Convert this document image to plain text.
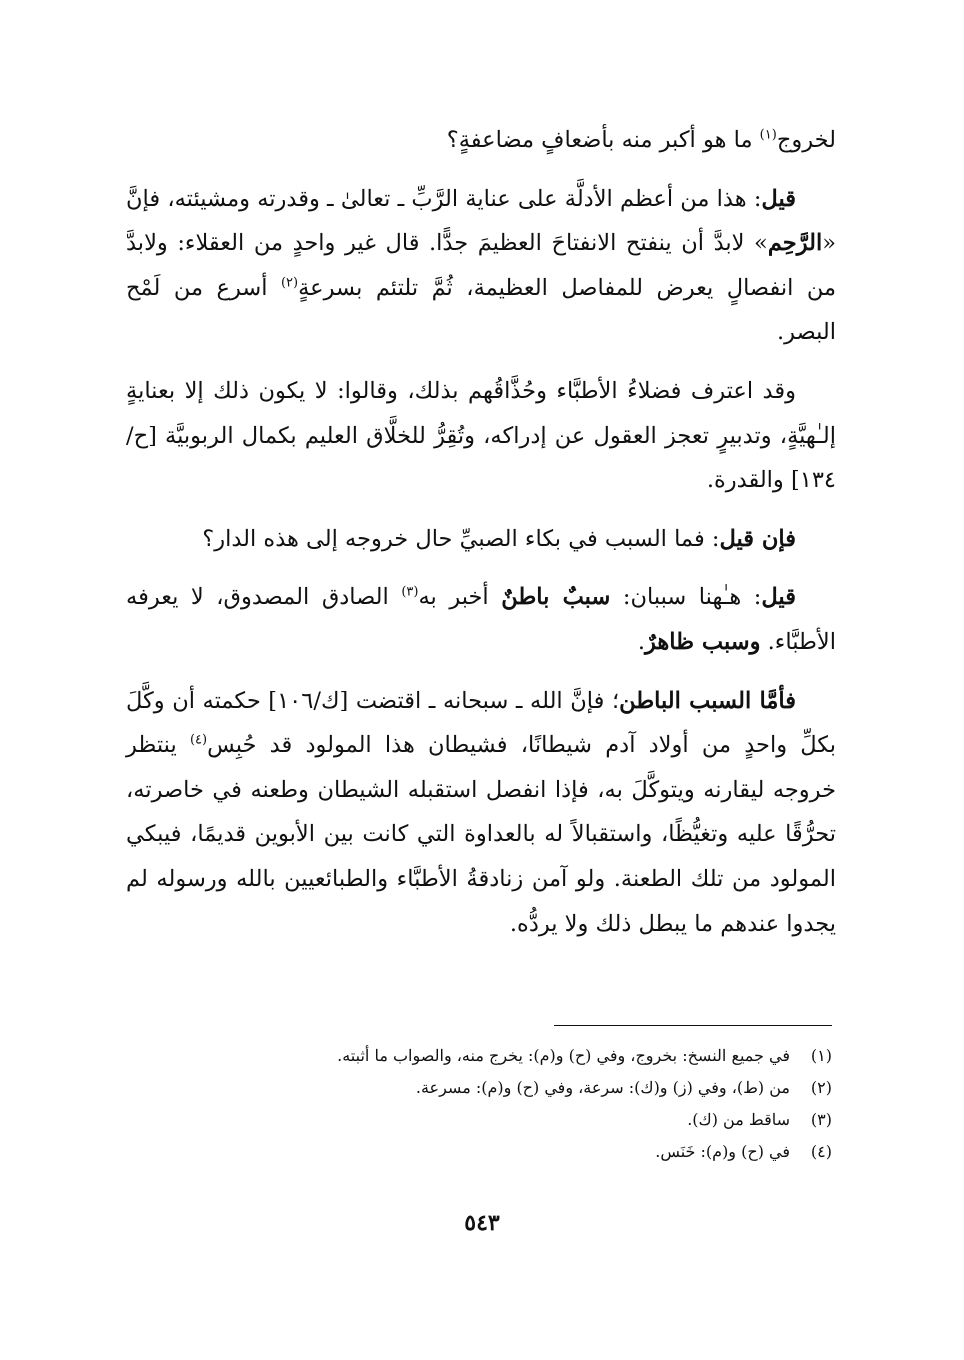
لخروج$^{(١)}$ ما هو أكبر منه بأضعافٍ مضاعفةٍ؟

قيل: هذا من أعظم الأدلَّة على عناية الرَّبِّ ـ تعالىٰ ـ وقدرته ومشيئته، فإنَّ «الرَّحِم» لابدَّ أن ينفتح الانفتاحَ العظيمَ جدًّا. قال غير واحدٍ من العقلاء: ولابدَّ من انفصالٍ يعرض للمفاصل العظيمة، ثُمَّ تلتئم بسرعةٍ$^{(٢)}$ أسرع من لَمْح البصر.

وقد اعترف فضلاءُ الأطبَّاء وحُذَّاقُهم بذلك، وقالوا: لا يكون ذلك إلا بعنايةٍ إلـٰهيَّةٍ، وتدبيرٍ تعجز العقول عن إدراكه، وتُقِرُّ للخلَّاق العليم بكمال الربوبيَّة [ح/١٣٤] والقدرة.

فإن قيل: فما السبب في بكاء الصبيِّ حال خروجه إلى هذه الدار؟

قيل: هـٰهنا سببان: سببٌ باطنٌ أخبر به$^{(٣)}$ الصادق المصدوق، لا يعرفه الأطبَّاء. وسبب ظاهرٌ.

فأمَّا السبب الباطن؛ فإنَّ الله ـ سبحانه ـ اقتضت [ك/١٠٦] حكمته أن وكَّلَ بكلِّ واحدٍ من أولاد آدم شيطانًا، فشيطان هذا المولود قد حُبِس$^{(٤)}$ ينتظر خروجه ليقارنه ويتوكَّلَ به، فإذا انفصل استقبله الشيطان وطعنه في خاصرته، تحرُّقًا عليه وتغيُّظًا، واستقبالاً له بالعداوة التي كانت بين الأبوين قديمًا، فيبكي المولود من تلك الطعنة. ولو آمن زنادقةُ الأطبَّاء والطبائعيين بالله ورسوله لم يجدوا عندهم ما يبطل ذلك ولا يردُّه.

(١)
في جميع النسخ: بخروج، وفي (ح) و(م): يخرج منه، والصواب ما أثبته.
(٢)
من (ط)، وفي (ز) و(ك): سرعة، وفي (ح) و(م): مسرعة.
(٣)
ساقط من (ك).
(٤)
في (ح) و(م): خَنَس.
٥٤٣
